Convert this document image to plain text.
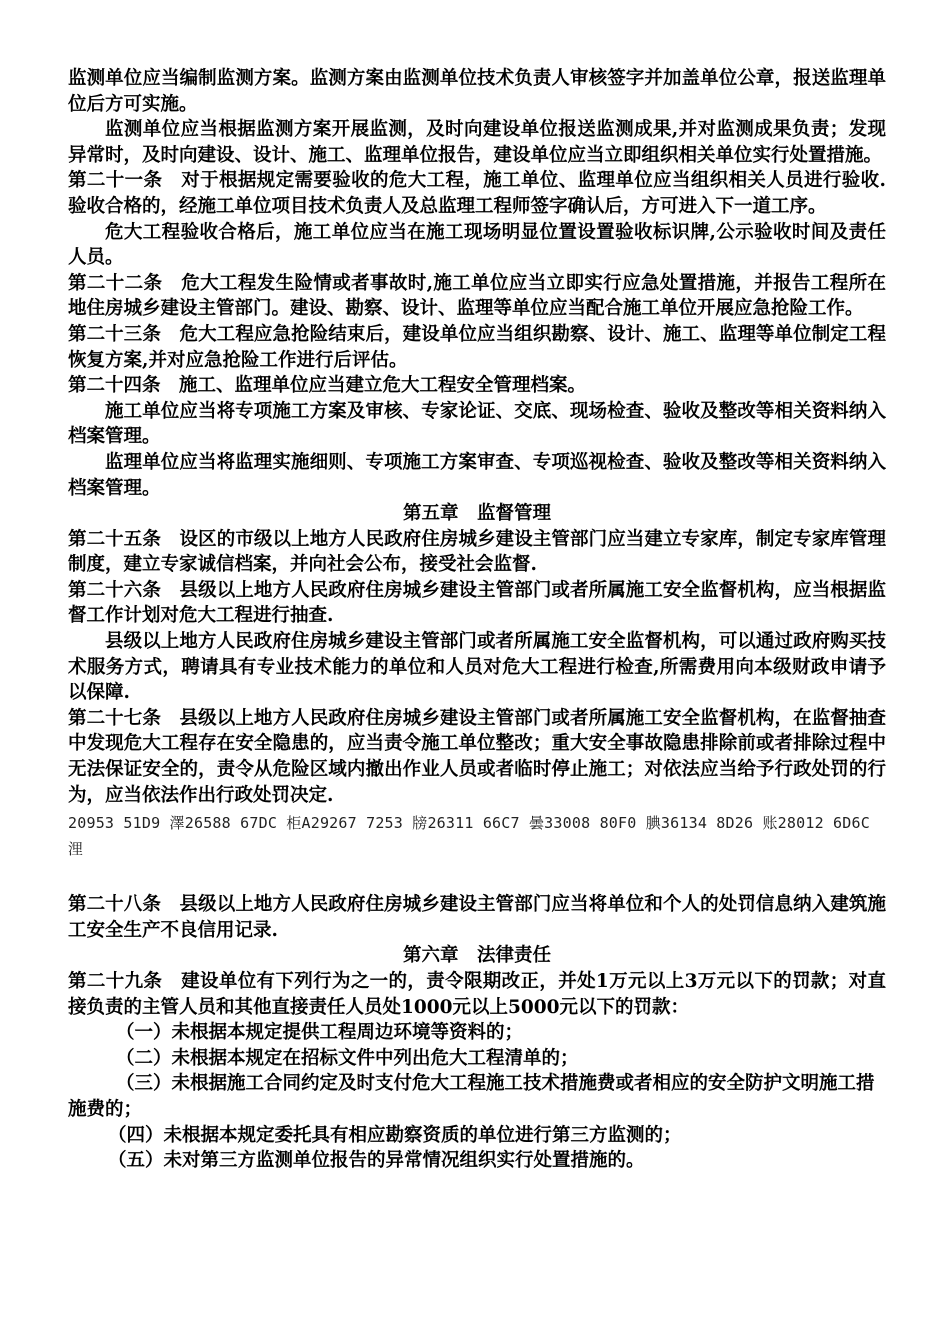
监测单位应当编制监测方案。监测方案由监测单位技术负责人审核签字并加盖单位公章，报送监理单位后方可实施。

监测单位应当根据监测方案开展监测，及时向建设单位报送监测成果,并对监测成果负责；发现异常时，及时向建设、设计、施工、监理单位报告，建设单位应当立即组织相关单位实行处置措施。

第二十一条　对于根据规定需要验收的危大工程，施工单位、监理单位应当组织相关人员进行验收.验收合格的，经施工单位项目技术负责人及总监理工程师签字确认后，方可进入下一道工序。

危大工程验收合格后，施工单位应当在施工现场明显位置设置验收标识牌,公示验收时间及责任人员。

第二十二条　危大工程发生险情或者事故时,施工单位应当立即实行应急处置措施，并报告工程所在地住房城乡建设主管部门。建设、勘察、设计、监理等单位应当配合施工单位开展应急抢险工作。

第二十三条　危大工程应急抢险结束后，建设单位应当组织勘察、设计、施工、监理等单位制定工程恢复方案,并对应急抢险工作进行后评估。

第二十四条　施工、监理单位应当建立危大工程安全管理档案。

施工单位应当将专项施工方案及审核、专家论证、交底、现场检查、验收及整改等相关资料纳入档案管理。

监理单位应当将监理实施细则、专项施工方案审查、专项巡视检查、验收及整改等相关资料纳入档案管理。

第五章　监督管理

第二十五条　设区的市级以上地方人民政府住房城乡建设主管部门应当建立专家库，制定专家库管理制度，建立专家诚信档案，并向社会公布，接受社会监督.

第二十六条　县级以上地方人民政府住房城乡建设主管部门或者所属施工安全监督机构，应当根据监督工作计划对危大工程进行抽查.

县级以上地方人民政府住房城乡建设主管部门或者所属施工安全监督机构，可以通过政府购买技术服务方式，聘请具有专业技术能力的单位和人员对危大工程进行检查,所需费用向本级财政申请予以保障.

第二十七条　县级以上地方人民政府住房城乡建设主管部门或者所属施工安全监督机构，在监督抽查中发现危大工程存在安全隐患的，应当责令施工单位整改；重大安全事故隐患排除前或者排除过程中无法保证安全的，责令从危险区域内撤出作业人员或者临时停止施工；对依法应当给予行政处罚的行为，应当依法作出行政处罚决定.

20953 51D9 澤26588 67DC 柜A29267 7253 牓26311 66C7 曇33008 80F0 腆36134 8D26 账28012 6D6C 浬

第二十八条　县级以上地方人民政府住房城乡建设主管部门应当将单位和个人的处罚信息纳入建筑施工安全生产不良信用记录.

第六章　法律责任

第二十九条　建设单位有下列行为之一的，责令限期改正，并处1万元以上3万元以下的罚款；对直接负责的主管人员和其他直接责任人员处1000元以上5000元以下的罚款：

（一）未根据本规定提供工程周边环境等资料的；

（二）未根据本规定在招标文件中列出危大工程清单的；

（三）未根据施工合同约定及时支付危大工程施工技术措施费或者相应的安全防护文明施工措施费的；

（四）未根据本规定委托具有相应勘察资质的单位进行第三方监测的；

（五）未对第三方监测单位报告的异常情况组织实行处置措施的。
